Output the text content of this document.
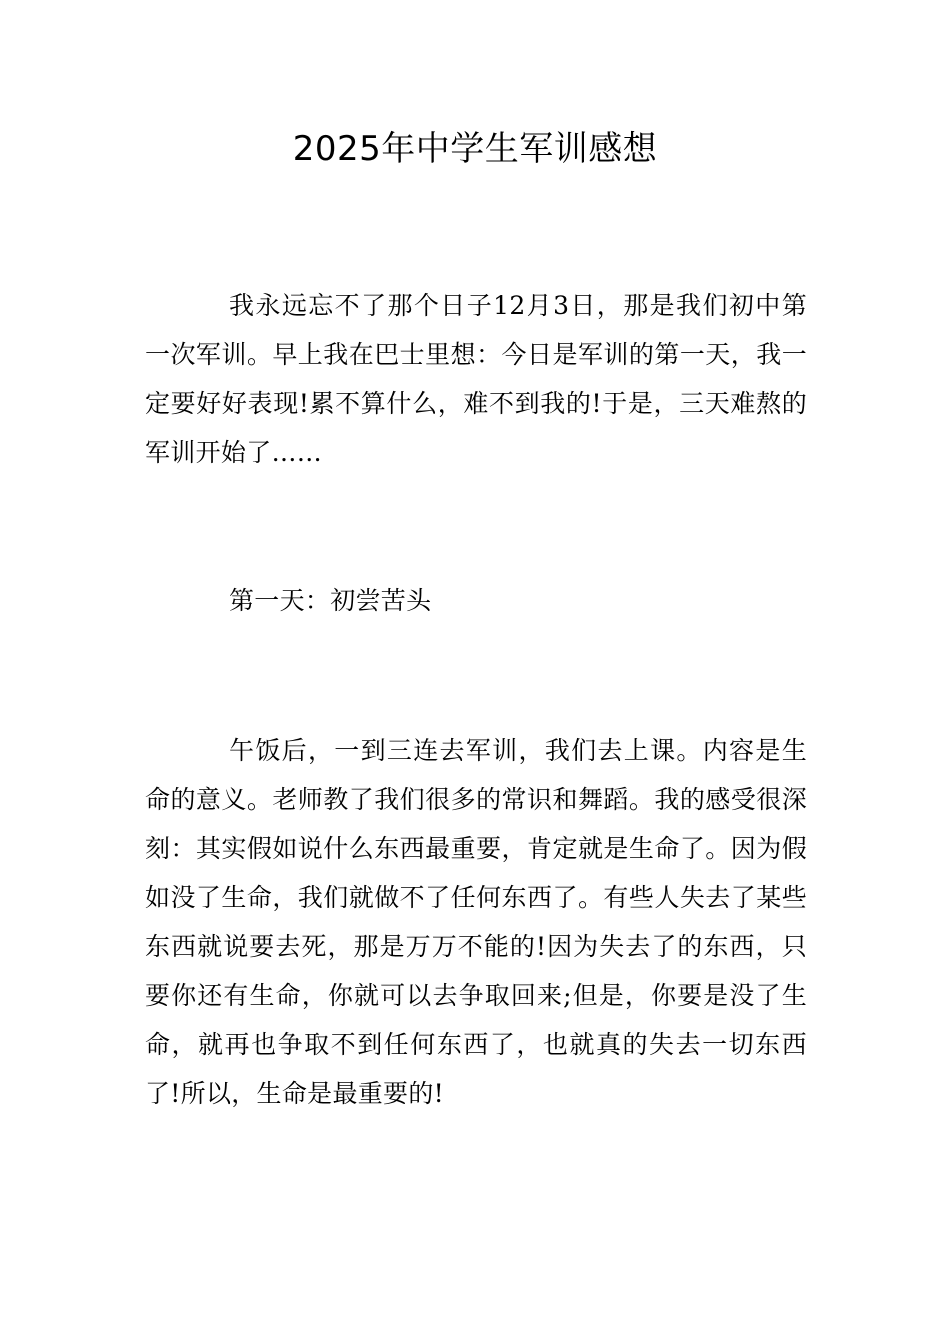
2025年中学生军训感想

我永远忘不了那个日子12月3日，那是我们初中第一次军训。早上我在巴士里想：今日是军训的第一天，我一定要好好表现!累不算什么，难不到我的!于是，三天难熬的军训开始了……

第一天：初尝苦头

午饭后，一到三连去军训，我们去上课。内容是生命的意义。老师教了我们很多的常识和舞蹈。我的感受很深刻：其实假如说什么东西最重要，肯定就是生命了。因为假如没了生命，我们就做不了任何东西了。有些人失去了某些东西就说要去死，那是万万不能的!因为失去了的东西，只要你还有生命，你就可以去争取回来;但是，你要是没了生命，就再也争取不到任何东西了，也就真的失去一切东西了!所以，生命是最重要的!
